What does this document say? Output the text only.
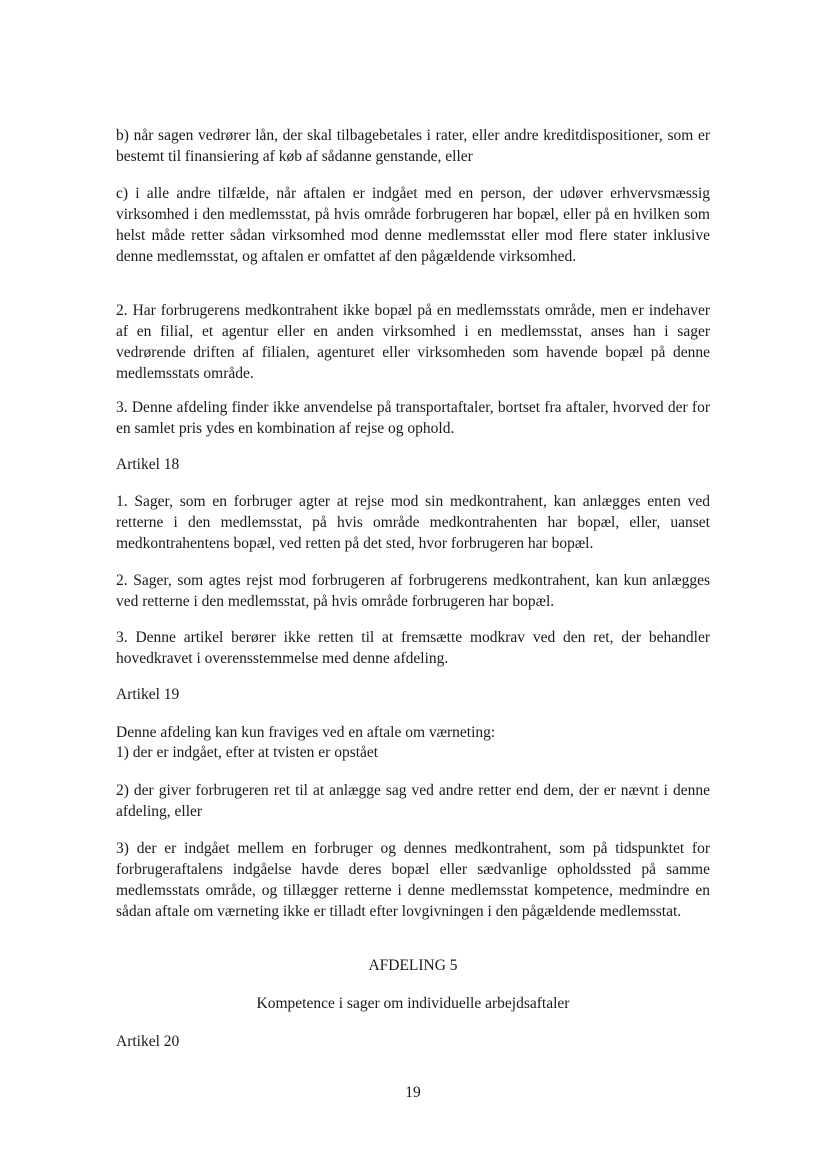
b) når sagen vedrører lån, der skal tilbagebetales i rater, eller andre kreditdispositioner, som er bestemt til finansiering af køb af sådanne genstande, eller

c) i alle andre tilfælde, når aftalen er indgået med en person, der udøver erhvervsmæssig virksomhed i den medlemsstat, på hvis område forbrugeren har bopæl, eller på en hvilken som helst måde retter sådan virksomhed mod denne medlemsstat eller mod flere stater inklusive denne medlemsstat, og aftalen er omfattet af den pågældende virksomhed.

2. Har forbrugerens medkontrahent ikke bopæl på en medlemsstats område, men er indehaver af en filial, et agentur eller en anden virksomhed i en medlemsstat, anses han i sager vedrørende driften af filialen, agenturet eller virksomheden som havende bopæl på denne medlemsstats område.

3. Denne afdeling finder ikke anvendelse på transportaftaler, bortset fra aftaler, hvorved der for en samlet pris ydes en kombination af rejse og ophold.

Artikel 18

1. Sager, som en forbruger agter at rejse mod sin medkontrahent, kan anlægges enten ved retterne i den medlemsstat, på hvis område medkontrahenten har bopæl, eller, uanset medkontrahentens bopæl, ved retten på det sted, hvor forbrugeren har bopæl.

2. Sager, som agtes rejst mod forbrugeren af forbrugerens medkontrahent, kan kun anlægges ved retterne i den medlemsstat, på hvis område forbrugeren har bopæl.

3. Denne artikel berører ikke retten til at fremsætte modkrav ved den ret, der behandler hovedkravet i overensstemmelse med denne afdeling.

Artikel 19

Denne afdeling kan kun fraviges ved en aftale om værneting:

1) der er indgået, efter at tvisten er opstået

2) der giver forbrugeren ret til at anlægge sag ved andre retter end dem, der er nævnt i denne afdeling, eller

3) der er indgået mellem en forbruger og dennes medkontrahent, som på tidspunktet for forbrugeraftalens indgåelse havde deres bopæl eller sædvanlige opholdssted på samme medlemsstats område, og tillægger retterne i denne medlemsstat kompetence, medmindre en sådan aftale om værneting ikke er tilladt efter lovgivningen i den pågældende medlemsstat.

AFDELING 5

Kompetence i sager om individuelle arbejdsaftaler

Artikel 20

19
